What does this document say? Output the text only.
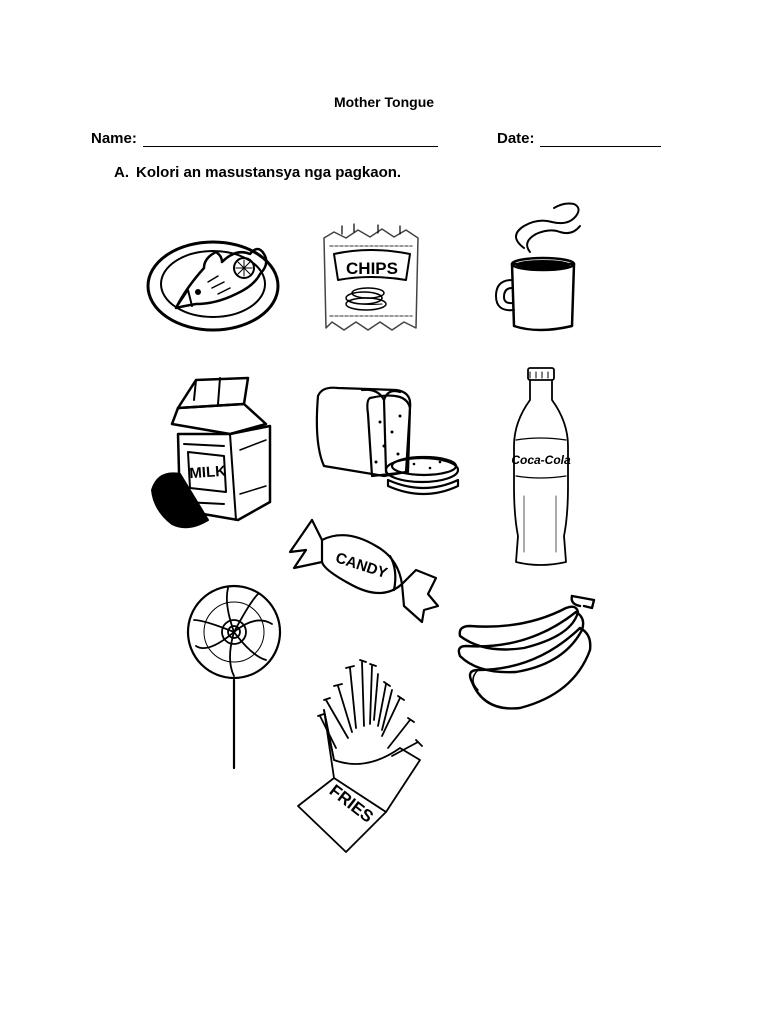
Mother Tongue
Name:	Date:
A. Kolori an masustansya nga pagkaon.
CHIPS
MILK
Coca-Cola
CANDY
FRIES
